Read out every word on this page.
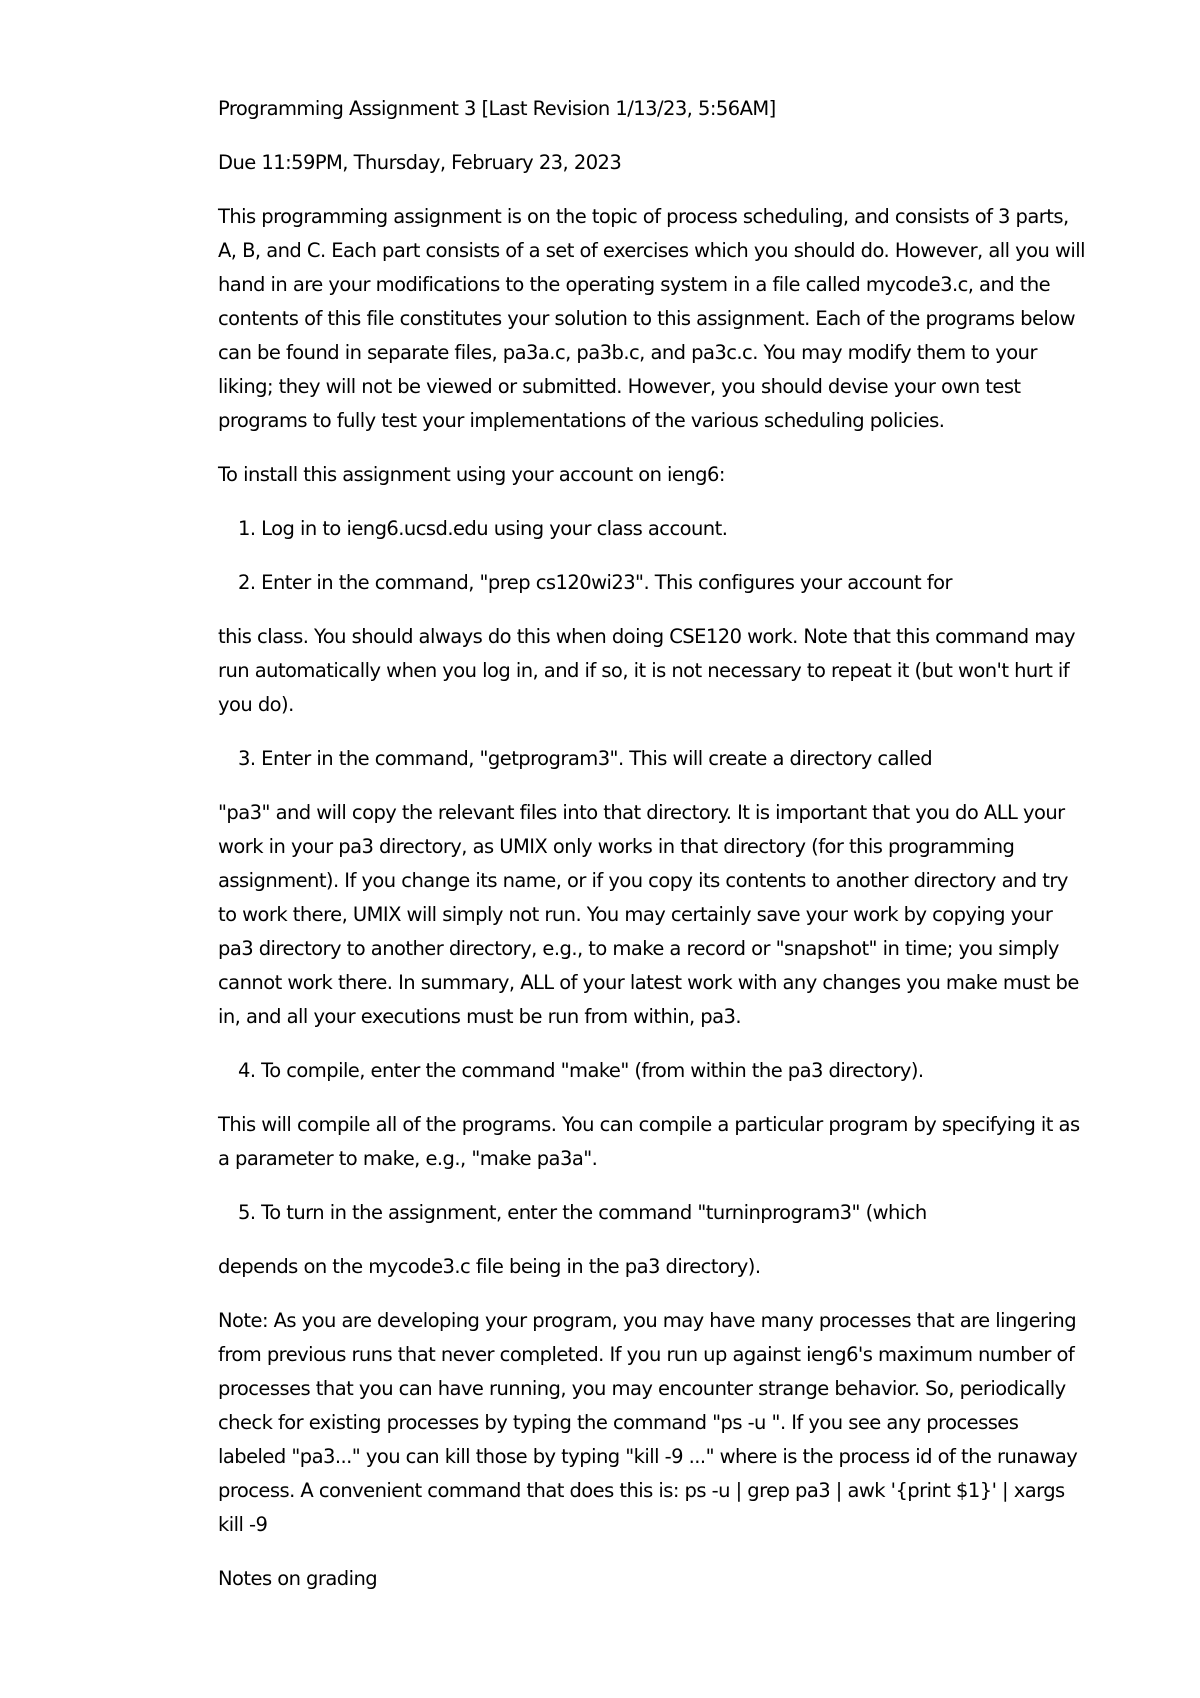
Programming Assignment 3 [Last Revision 1/13/23, 5:56AM]

Due 11:59PM, Thursday, February 23, 2023

This programming assignment is on the topic of process scheduling, and consists of 3 parts, A, B, and C. Each part consists of a set of exercises which you should do. However, all you will hand in are your modifications to the operating system in a file called mycode3.c, and the contents of this file constitutes your solution to this assignment. Each of the programs below can be found in separate files, pa3a.c, pa3b.c, and pa3c.c. You may modify them to your liking; they will not be viewed or submitted. However, you should devise your own test programs to fully test your implementations of the various scheduling policies.

To install this assignment using your account on ieng6:

1. Log in to ieng6.ucsd.edu using your class account.

2. Enter in the command, "prep cs120wi23". This configures your account for

this class. You should always do this when doing CSE120 work. Note that this command may run automatically when you log in, and if so, it is not necessary to repeat it (but won't hurt if you do).

3. Enter in the command, "getprogram3". This will create a directory called

"pa3" and will copy the relevant files into that directory. It is important that you do ALL your work in your pa3 directory, as UMIX only works in that directory (for this programming assignment). If you change its name, or if you copy its contents to another directory and try to work there, UMIX will simply not run. You may certainly save your work by copying your pa3 directory to another directory, e.g., to make a record or "snapshot" in time; you simply cannot work there. In summary, ALL of your latest work with any changes you make must be in, and all your executions must be run from within, pa3.

4. To compile, enter the command "make" (from within the pa3 directory).

This will compile all of the programs. You can compile a particular program by specifying it as a parameter to make, e.g., "make pa3a".

5. To turn in the assignment, enter the command "turninprogram3" (which

depends on the mycode3.c file being in the pa3 directory).

Note: As you are developing your program, you may have many processes that are lingering from previous runs that never completed. If you run up against ieng6's maximum number of processes that you can have running, you may encounter strange behavior. So, periodically check for existing processes by typing the command "ps -u ". If you see any processes labeled "pa3..." you can kill those by typing "kill -9 ..." where is the process id of the runaway process. A convenient command that does this is: ps -u | grep pa3 | awk '{print $1}' | xargs kill -9

Notes on grading
